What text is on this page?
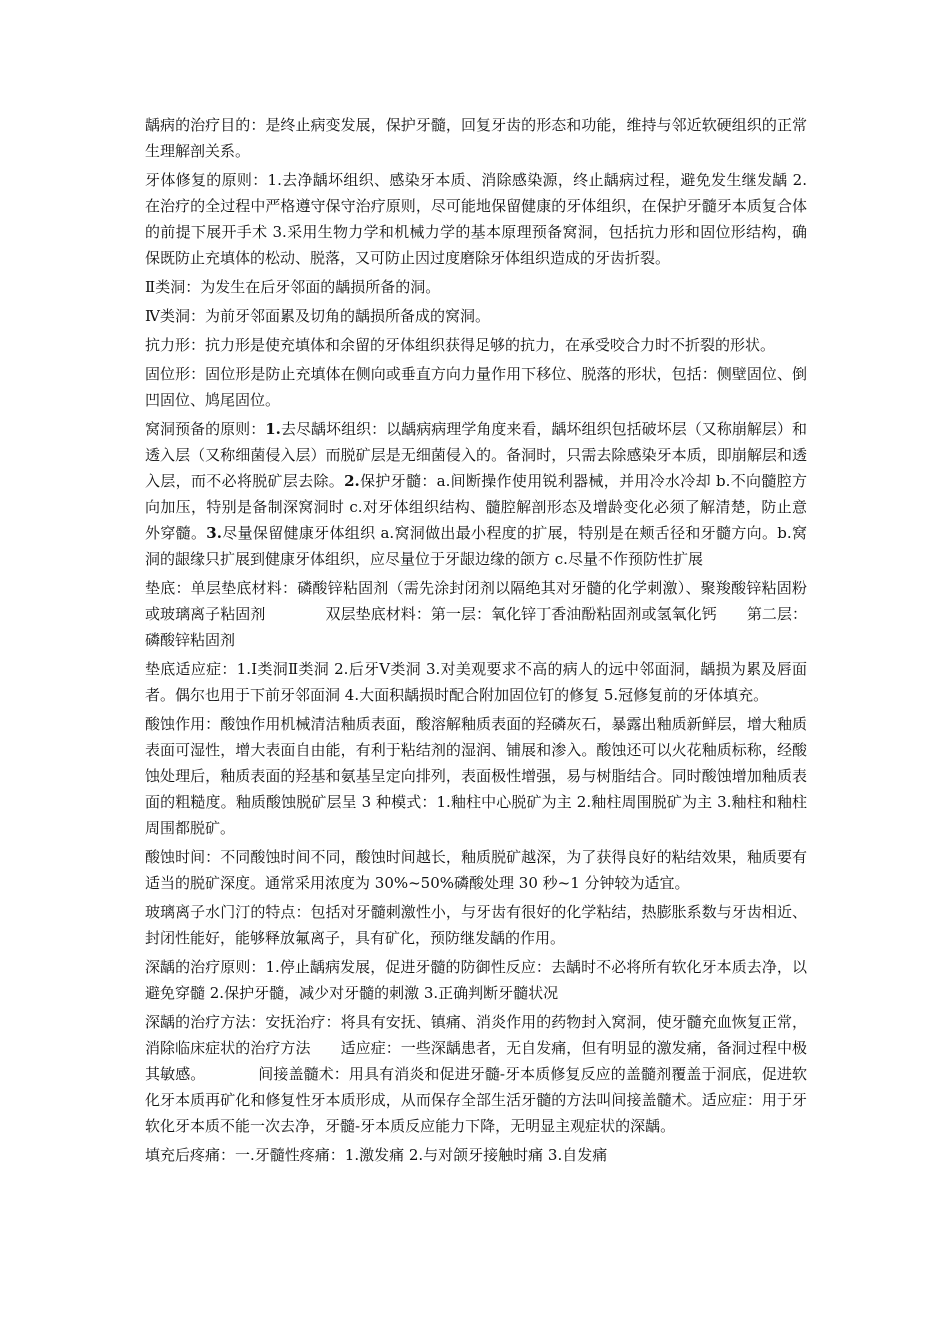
龋病的治疗目的：是终止病变发展，保护牙髓，回复牙齿的形态和功能，维持与邻近软硬组织的正常生理解剖关系。

牙体修复的原则：1.去净龋坏组织、感染牙本质、消除感染源，终止龋病过程，避免发生继发龋 2.在治疗的全过程中严格遵守保守治疗原则，尽可能地保留健康的牙体组织，在保护牙髓牙本质复合体的前提下展开手术 3.采用生物力学和机械力学的基本原理预备窝洞，包括抗力形和固位形结构，确保既防止充填体的松动、脱落，又可防止因过度磨除牙体组织造成的牙齿折裂。

Ⅱ类洞：为发生在后牙邻面的龋损所备的洞。

Ⅳ类洞：为前牙邻面累及切角的龋损所备成的窝洞。

抗力形：抗力形是使充填体和余留的牙体组织获得足够的抗力，在承受咬合力时不折裂的形状。

固位形：固位形是防止充填体在侧向或垂直方向力量作用下移位、脱落的形状，包括：侧壁固位、倒凹固位、鸠尾固位。

窝洞预备的原则：1.去尽龋坏组织：以龋病病理学角度来看，龋坏组织包括破坏层（又称崩解层）和透入层（又称细菌侵入层）而脱矿层是无细菌侵入的。备洞时，只需去除感染牙本质，即崩解层和透入层，而不必将脱矿层去除。2.保护牙髓：a.间断操作使用锐利器械，并用冷水冷却 b.不向髓腔方向加压，特别是备制深窝洞时 c.对牙体组织结构、髓腔解剖形态及增龄变化必须了解清楚，防止意外穿髓。3.尽量保留健康牙体组织 a.窝洞做出最小程度的扩展，特别是在颊舌径和牙髓方向。b.窝洞的龈缘只扩展到健康牙体组织，应尽量位于牙龈边缘的颌方 c.尽量不作预防性扩展

垫底：单层垫底材料：磷酸锌粘固剂（需先涂封闭剂以隔绝其对牙髓的化学刺激）、聚羧酸锌粘固粉或玻璃离子粘固剂　　　　双层垫底材料：第一层：氧化锌丁香油酚粘固剂或氢氧化钙　　第二层：磷酸锌粘固剂

垫底适应症：1.Ⅰ类洞Ⅱ类洞 2.后牙Ⅴ类洞 3.对美观要求不高的病人的远中邻面洞，龋损为累及唇面者。偶尔也用于下前牙邻面洞 4.大面积龋损时配合附加固位钉的修复 5.冠修复前的牙体填充。

酸蚀作用：酸蚀作用机械清洁釉质表面，酸溶解釉质表面的羟磷灰石，暴露出釉质新鲜层，增大釉质表面可湿性，增大表面自由能，有利于粘结剂的湿润、铺展和渗入。酸蚀还可以火花釉质标称，经酸蚀处理后，釉质表面的羟基和氨基呈定向排列，表面极性增强，易与树脂结合。同时酸蚀增加釉质表面的粗糙度。釉质酸蚀脱矿层呈 3 种模式：1.釉柱中心脱矿为主 2.釉柱周围脱矿为主 3.釉柱和釉柱周围都脱矿。

酸蚀时间：不同酸蚀时间不同，酸蚀时间越长，釉质脱矿越深，为了获得良好的粘结效果，釉质要有适当的脱矿深度。通常采用浓度为 30%~50%磷酸处理 30 秒~1 分钟较为适宜。

玻璃离子水门汀的特点：包括对牙髓刺激性小，与牙齿有很好的化学粘结，热膨胀系数与牙齿相近、封闭性能好，能够释放氟离子，具有矿化，预防继发龋的作用。

深龋的治疗原则：1.停止龋病发展，促进牙髓的防御性反应：去龋时不必将所有软化牙本质去净，以避免穿髓 2.保护牙髓，减少对牙髓的刺激 3.正确判断牙髓状况

深龋的治疗方法：安抚治疗：将具有安抚、镇痛、消炎作用的药物封入窝洞，使牙髓充血恢复正常，消除临床症状的治疗方法　　适应症：一些深龋患者，无自发痛，但有明显的激发痛，备洞过程中极其敏感。　　　　间接盖髓术：用具有消炎和促进牙髓-牙本质修复反应的盖髓剂覆盖于洞底，促进软化牙本质再矿化和修复性牙本质形成，从而保存全部生活牙髓的方法叫间接盖髓术。适应症：用于牙软化牙本质不能一次去净，牙髓-牙本质反应能力下降，无明显主观症状的深龋。

填充后疼痛：一.牙髓性疼痛：1.激发痛 2.与对颌牙接触时痛 3.自发痛
